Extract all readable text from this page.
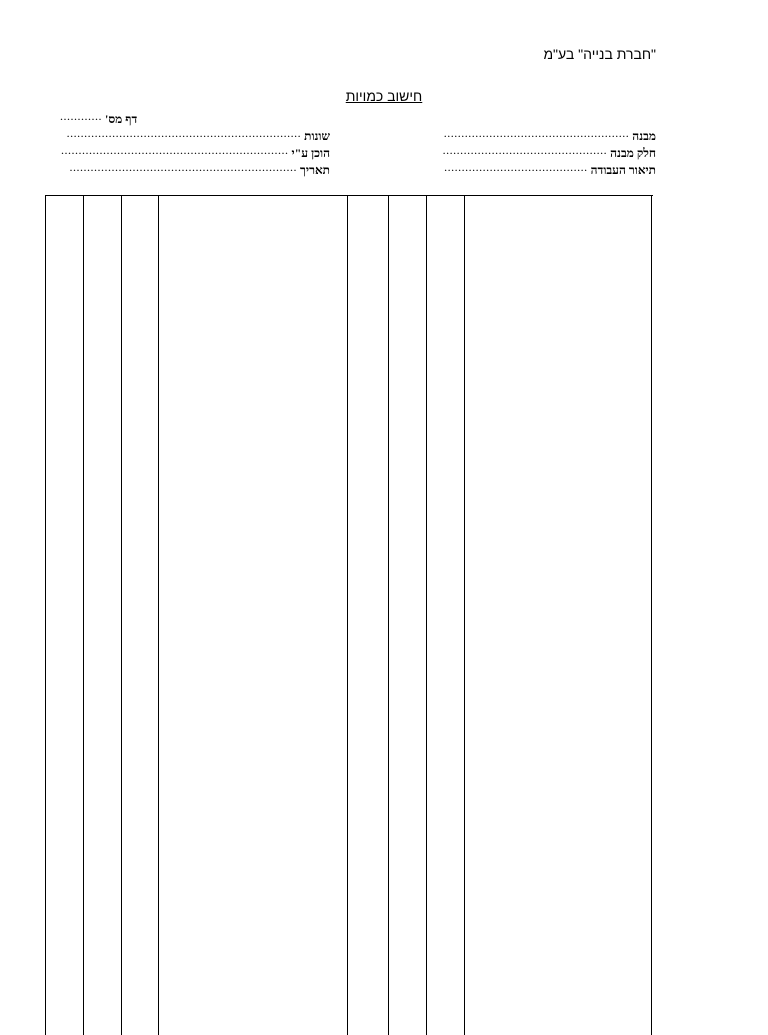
"חברת בנייה" בע"מ
חישוב כמויות
דף מס' ............
שונות ...................................................................
הוכן ע"י .................................................................
תאריך .................................................................
מבנה .....................................................
חלק מבנה ...............................................
תיאור העבודה .........................................
